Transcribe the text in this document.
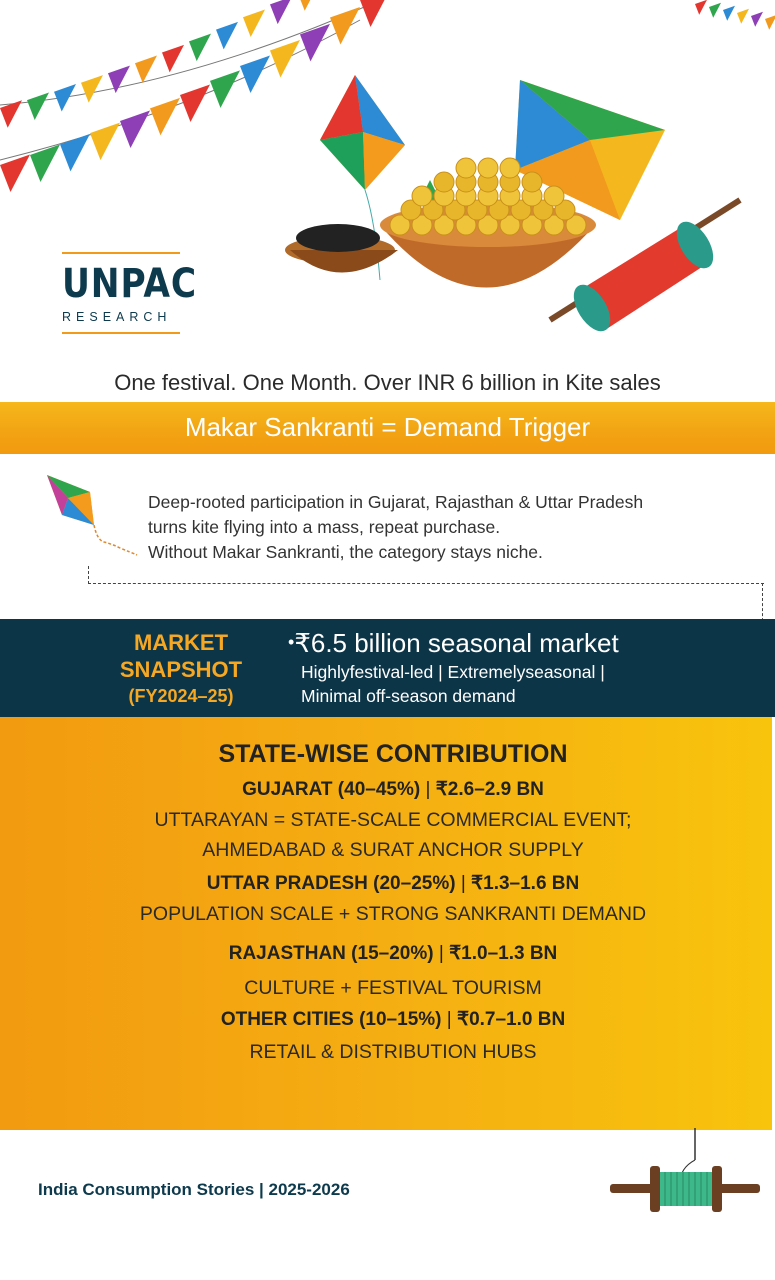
UNPAC
RESEARCH
One festival. One Month. Over INR 6 billion in Kite sales
Makar Sankranti = Demand Trigger

Deep-rooted participation in Gujarat, Rajasthan & Uttar Pradesh

turns kite flying into a mass, repeat purchase.

Without Makar Sankranti, the category stays niche.

MARKET
SNAPSHOT
(FY2024–25)
•₹6.5 billion seasonal market
Highlyfestival-led | Extremelyseasonal |
Minimal off-season demand
STATE-WISE CONTRIBUTION
GUJARAT (40–45%) | ₹2.6–2.9 BN
UTTARAYAN = STATE-SCALE COMMERCIAL EVENT;
AHMEDABAD & SURAT ANCHOR SUPPLY
UTTAR PRADESH (20–25%) | ₹1.3–1.6 BN
POPULATION SCALE + STRONG SANKRANTI DEMAND
RAJASTHAN (15–20%) | ₹1.0–1.3 BN
CULTURE + FESTIVAL TOURISM
OTHER CITIES (10–15%) | ₹0.7–1.0 BN
RETAIL & DISTRIBUTION HUBS
India Consumption Stories | 2025-2026
